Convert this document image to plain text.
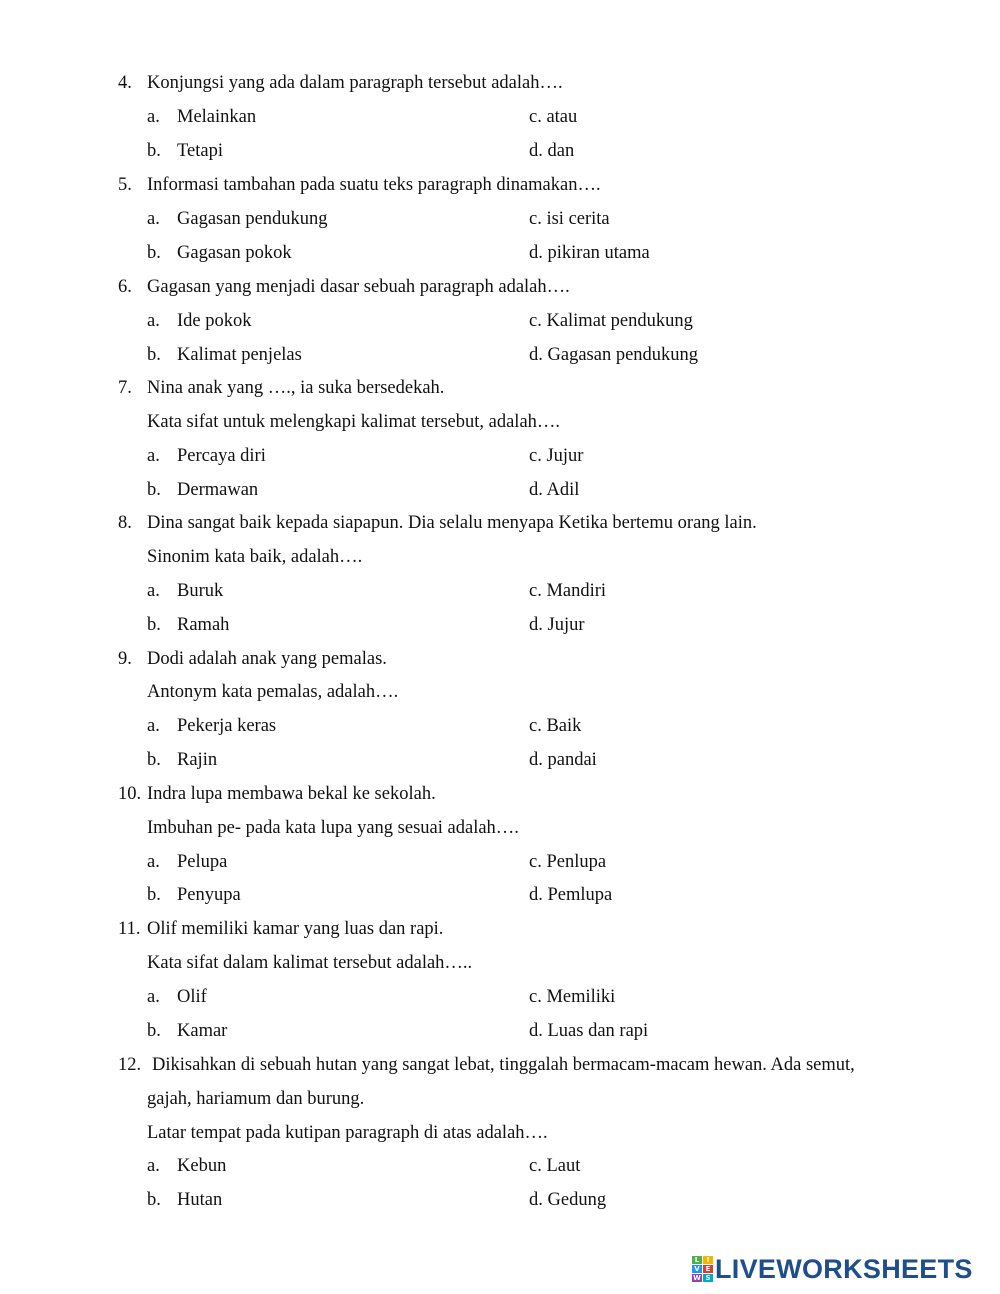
4. Konjungsi yang ada dalam paragraph tersebut adalah….
a. Melainkan	c. atau
b. Tetapi	d. dan
5. Informasi tambahan pada suatu teks paragraph dinamakan….
a. Gagasan pendukung	c. isi cerita
b. Gagasan pokok	d. pikiran utama
6. Gagasan yang menjadi dasar sebuah paragraph adalah….
a. Ide pokok	c. Kalimat pendukung
b. Kalimat penjelas	d. Gagasan pendukung
7. Nina anak yang …., ia suka bersedekah.
Kata sifat untuk melengkapi kalimat tersebut, adalah….
a. Percaya diri	c. Jujur
b. Dermawan	d. Adil
8. Dina sangat baik kepada siapapun. Dia selalu menyapa Ketika bertemu orang lain.
Sinonim kata baik, adalah….
a. Buruk	c. Mandiri
b. Ramah	d. Jujur
9. Dodi adalah anak yang pemalas.
Antonym kata pemalas, adalah….
a. Pekerja keras	c. Baik
b. Rajin	d. pandai
10. Indra lupa membawa bekal ke sekolah.
Imbuhan pe- pada kata lupa yang sesuai adalah….
a. Pelupa	c. Penlupa
b. Penyupa	d. Pemlupa
11. Olif memiliki kamar yang luas dan rapi.
Kata sifat dalam kalimat tersebut adalah…..
a. Olif	c. Memiliki
b. Kamar	d. Luas dan rapi
12. Dikisahkan di sebuah hutan yang sangat lebat, tinggalah bermacam-macam hewan. Ada semut,
gajah, hariamum dan burung.
Latar tempat pada kutipan paragraph di atas adalah….
a. Kebun	c. Laut
b. Hutan	d. Gedung
L	I
V E
W S LIVEWORKSHEETS
